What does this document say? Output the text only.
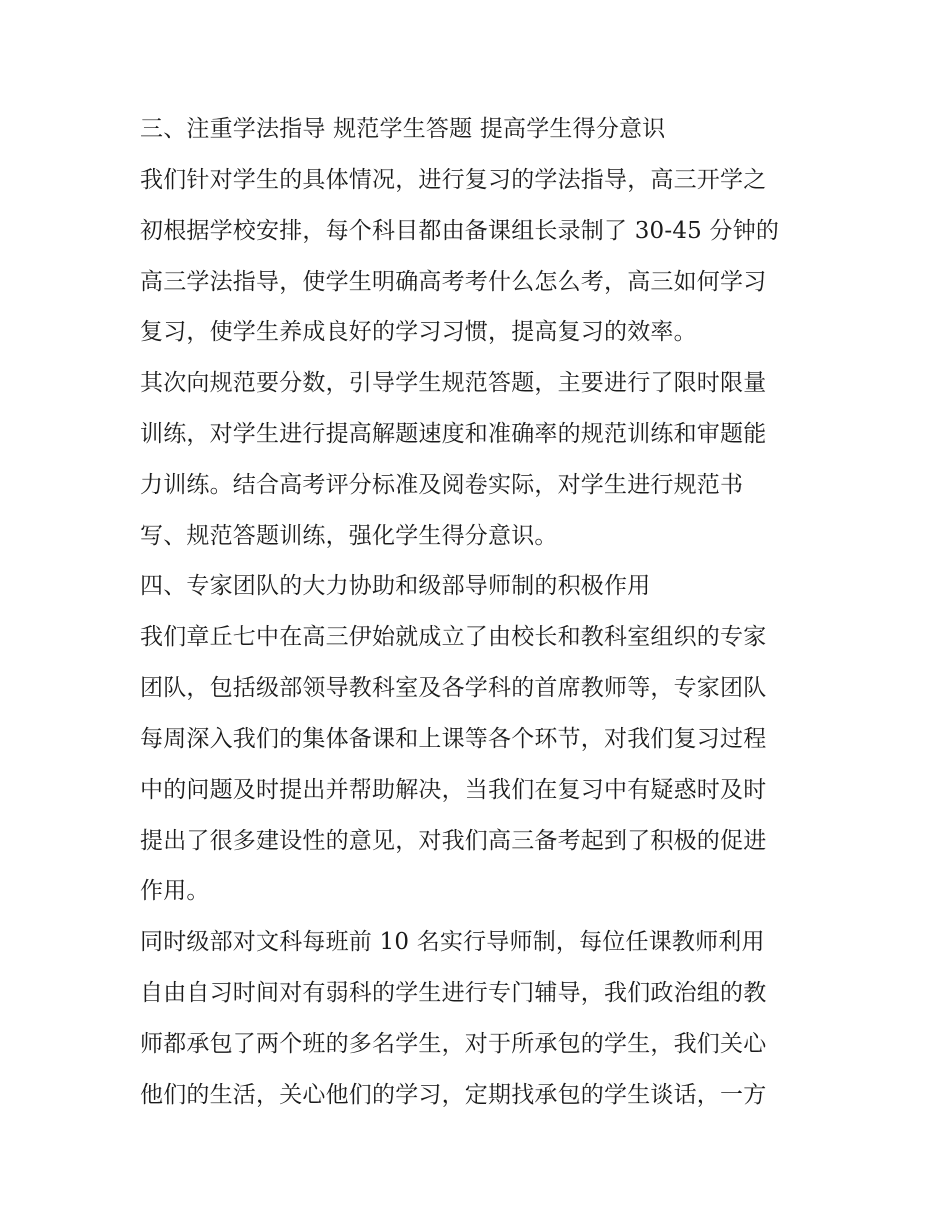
三、注重学法指导 规范学生答题 提高学生得分意识
我们针对学生的具体情况，进行复习的学法指导，高三开学之
初根据学校安排，每个科目都由备课组长录制了 30-45 分钟的
高三学法指导，使学生明确高考考什么怎么考，高三如何学习
复习，使学生养成良好的学习习惯，提高复习的效率。
其次向规范要分数，引导学生规范答题，主要进行了限时限量
训练，对学生进行提高解题速度和准确率的规范训练和审题能
力训练。结合高考评分标准及阅卷实际，对学生进行规范书
写、规范答题训练，强化学生得分意识。
四、专家团队的大力协助和级部导师制的积极作用
我们章丘七中在高三伊始就成立了由校长和教科室组织的专家
团队，包括级部领导教科室及各学科的首席教师等，专家团队
每周深入我们的集体备课和上课等各个环节，对我们复习过程
中的问题及时提出并帮助解决，当我们在复习中有疑惑时及时
提出了很多建设性的意见，对我们高三备考起到了积极的促进
作用。
同时级部对文科每班前 10 名实行导师制，每位任课教师利用
自由自习时间对有弱科的学生进行专门辅导，我们政治组的教
师都承包了两个班的多名学生，对于所承包的学生，我们关心
他们的生活，关心他们的学习，定期找承包的学生谈话，一方
